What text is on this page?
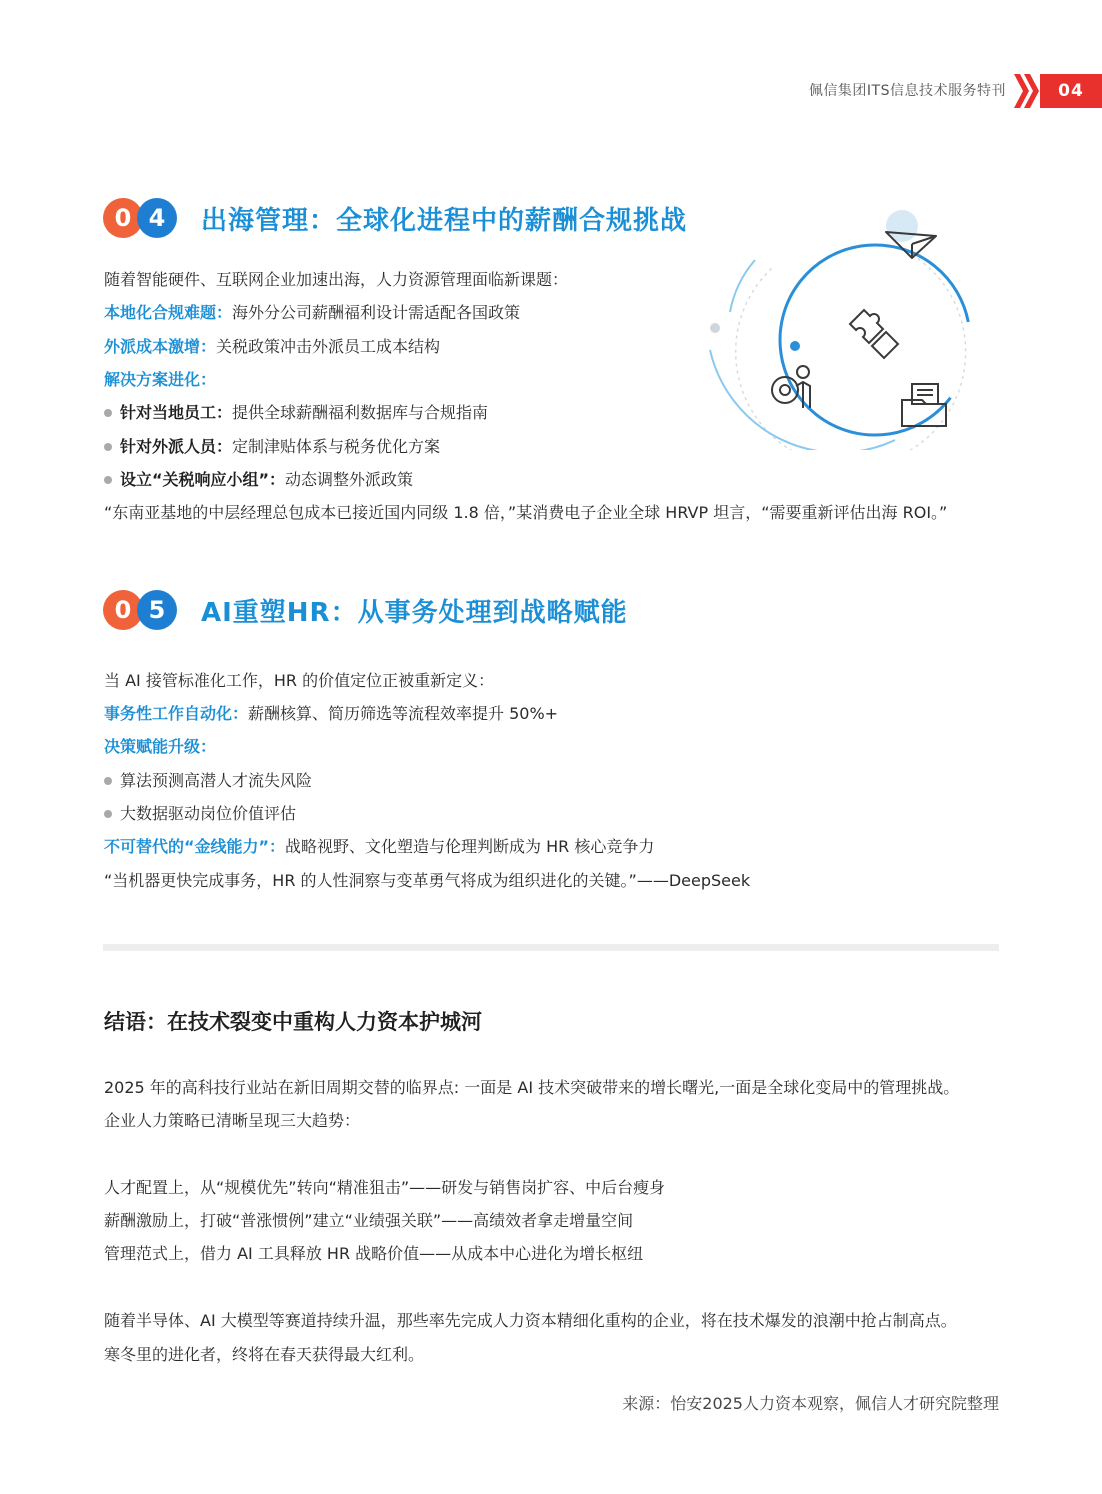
佩信集团ITS信息技术服务特刊	04
0 4	出海管理：全球化进程中的薪酬合规挑战
随着智能硬件、互联网企业加速出海，人力资源管理面临新课题：
本地化合规难题：海外分公司薪酬福利设计需适配各国政策
外派成本激增：关税政策冲击外派员工成本结构
解决方案进化：
针对当地员工：提供全球薪酬福利数据库与合规指南
针对外派人员：定制津贴体系与税务优化方案
设立“关税响应小组”：动态调整外派政策
“东南亚基地的中层经理总包成本已接近国内同级 1.8 倍，”某消费电子企业全球 HRVP 坦言，“需要重新评估出海 ROI。”
0 5	AI重塑HR：从事务处理到战略赋能
当 AI 接管标准化工作，HR 的价值定位正被重新定义：
事务性工作自动化：薪酬核算、简历筛选等流程效率提升 50%+
决策赋能升级：
算法预测高潜人才流失风险
大数据驱动岗位价值评估
不可替代的“金线能力”：战略视野、文化塑造与伦理判断成为 HR 核心竞争力
“当机器更快完成事务，HR 的人性洞察与变革勇气将成为组织进化的关键。”——DeepSeek
结语：在技术裂变中重构人力资本护城河
2025 年的高科技行业站在新旧周期交替的临界点: 一面是 AI 技术突破带来的增长曙光,一面是全球化变局中的管理挑战。
企业人力策略已清晰呈现三大趋势：
人才配置上，从“规模优先”转向“精准狙击”——研发与销售岗扩容、中后台瘦身
薪酬激励上，打破“普涨惯例”建立“业绩强关联”——高绩效者拿走增量空间
管理范式上，借力 AI 工具释放 HR 战略价值——从成本中心进化为增长枢纽
随着半导体、AI 大模型等赛道持续升温，那些率先完成人力资本精细化重构的企业，将在技术爆发的浪潮中抢占制高点。
寒冬里的进化者，终将在春天获得最大红利。
来源：怡安2025人力资本观察，佩信人才研究院整理
